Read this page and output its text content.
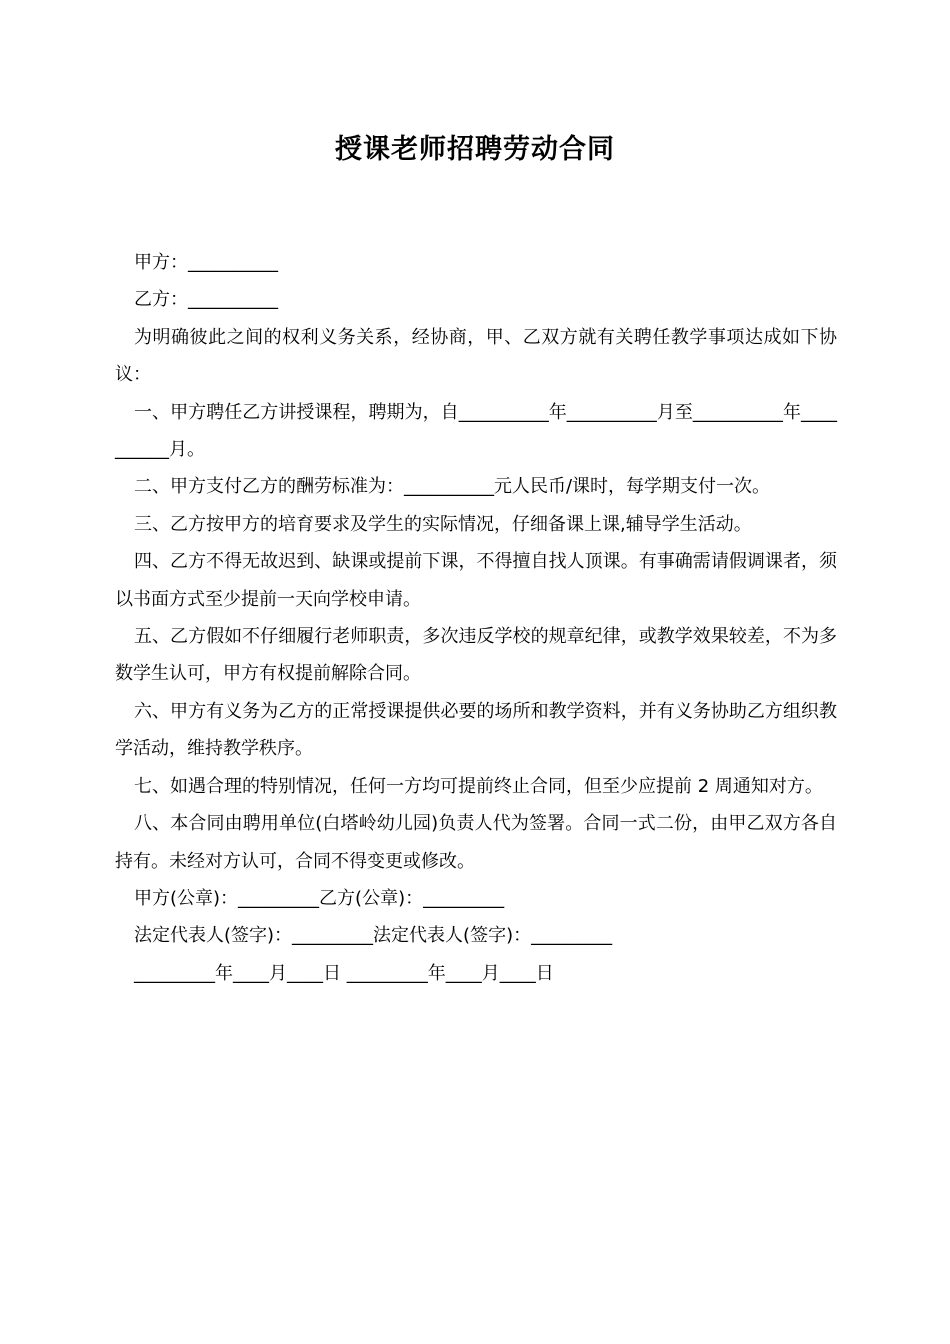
授课老师招聘劳动合同

甲方：__________

乙方：__________

为明确彼此之间的权利义务关系，经协商，甲、乙双方就有关聘任教学事项达成如下协议：

一、甲方聘任乙方讲授课程，聘期为，自__________年__________月至__________年__________月。

二、甲方支付乙方的酬劳标准为：__________元人民币/课时，每学期支付一次。

三、乙方按甲方的培育要求及学生的实际情况，仔细备课上课,辅导学生活动。

四、乙方不得无故迟到、缺课或提前下课，不得擅自找人顶课。有事确需请假调课者，须以书面方式至少提前一天向学校申请。

五、乙方假如不仔细履行老师职责，多次违反学校的规章纪律，或教学效果较差，不为多数学生认可，甲方有权提前解除合同。

六、甲方有义务为乙方的正常授课提供必要的场所和教学资料，并有义务协助乙方组织教学活动，维持教学秩序。

七、如遇合理的特别情况，任何一方均可提前终止合同，但至少应提前 2 周通知对方。

八、本合同由聘用单位(白塔岭幼儿园)负责人代为签署。合同一式二份，由甲乙双方各自持有。未经对方认可，合同不得变更或修改。

甲方(公章)：_________乙方(公章)：_________

法定代表人(签字)：_________法定代表人(签字)：_________

_________年____月____日 _________年____月____日
